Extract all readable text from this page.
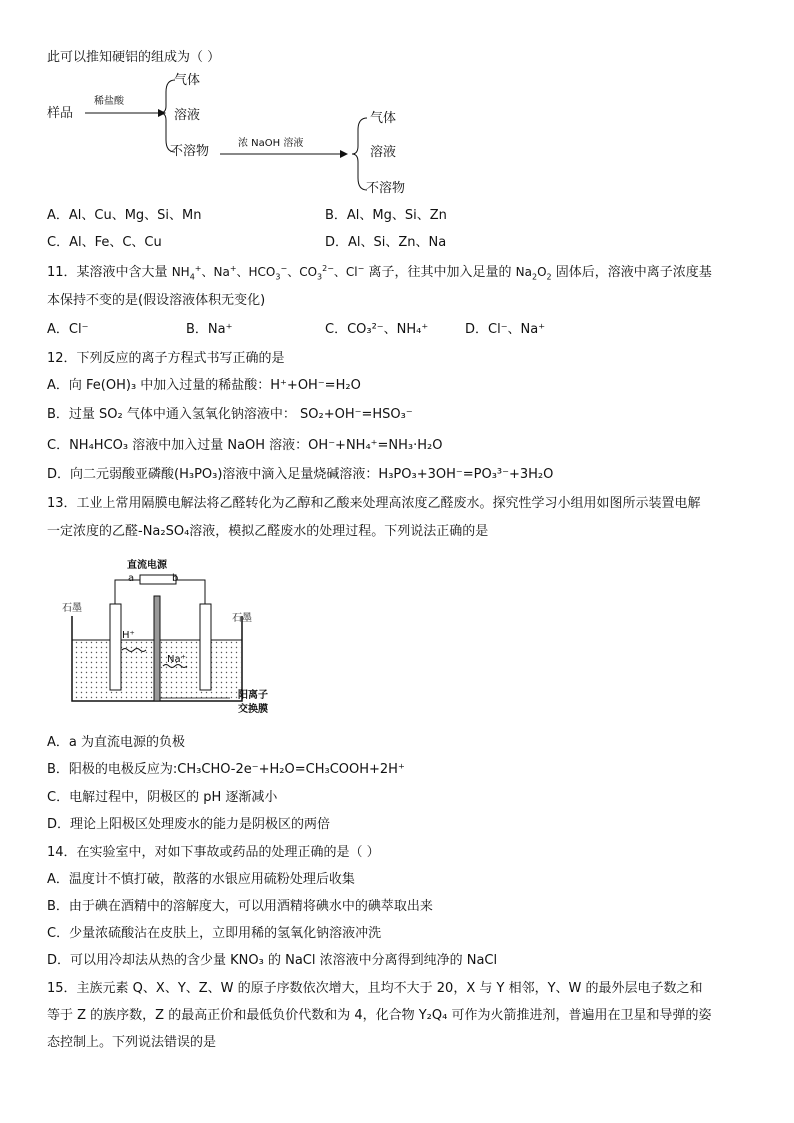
此可以推知硬铝的组成为（ ）
样品
稀盐酸
气体
溶液
不溶物
浓 NaOH 溶液
气体
溶液
不溶物
A．Al、Cu、Mg、Si、Mn	B．Al、Mg、Si、Zn
C．Al、Fe、C、Cu	D．Al、Si、Zn、Na
11．某溶液中含大量 $NH_4^+$、Na+、$HCO_3^-$、$CO_3^{2-}$、Cl− 离子，往其中加入足量的 $Na_2O_2$ 固体后，溶液中离子浓度基
本保持不变的是(假设溶液体积无变化)
A．Cl⁻	B．Na⁺	C．CO₃²⁻、NH₄⁺	D．Cl⁻、Na⁺
12．下列反应的离子方程式书写正确的是
A．向 Fe(OH)₃ 中加入过量的稀盐酸：H⁺+OH⁻=H₂O
B．过量 SO₂ 气体中通入氢氧化钠溶液中： SO₂+OH⁻=HSO₃⁻
C．NH₄HCO₃ 溶液中加入过量 NaOH 溶液：OH⁻+NH₄⁺=NH₃·H₂O
D．向二元弱酸亚磷酸(H₃PO₃)溶液中滴入足量烧碱溶液：H₃PO₃+3OH⁻=PO₃³⁻+3H₂O
13．工业上常用隔膜电解法将乙醛转化为乙醇和乙酸来处理高浓度乙醛废水。探究性学习小组用如图所示装置电解
一定浓度的乙醛-Na₂SO₄溶液，模拟乙醛废水的处理过程。下列说法正确的是
直流电源
a	b
石墨
石墨
H⁺
Na⁺
阳离子
交换膜
A．a 为直流电源的负极
B．阳极的电极反应为:CH₃CHO-2e⁻+H₂O=CH₃COOH+2H⁺
C．电解过程中，阴极区的 pH 逐渐减小
D．理论上阳极区处理废水的能力是阴极区的两倍
14．在实验室中，对如下事故或药品的处理正确的是（ ）
A．温度计不慎打破，散落的水银应用硫粉处理后收集
B．由于碘在酒精中的溶解度大，可以用酒精将碘水中的碘萃取出来
C．少量浓硫酸沾在皮肤上，立即用稀的氢氧化钠溶液冲洗
D．可以用冷却法从热的含少量 KNO₃ 的 NaCl 浓溶液中分离得到纯净的 NaCl
15．主族元素 Q、X、Y、Z、W 的原子序数依次增大，且均不大于 20，X 与 Y 相邻，Y、W 的最外层电子数之和
等于 Z 的族序数，Z 的最高正价和最低负价代数和为 4，化合物 Y₂Q₄ 可作为火箭推进剂，普遍用在卫星和导弹的姿
态控制上。下列说法错误的是
